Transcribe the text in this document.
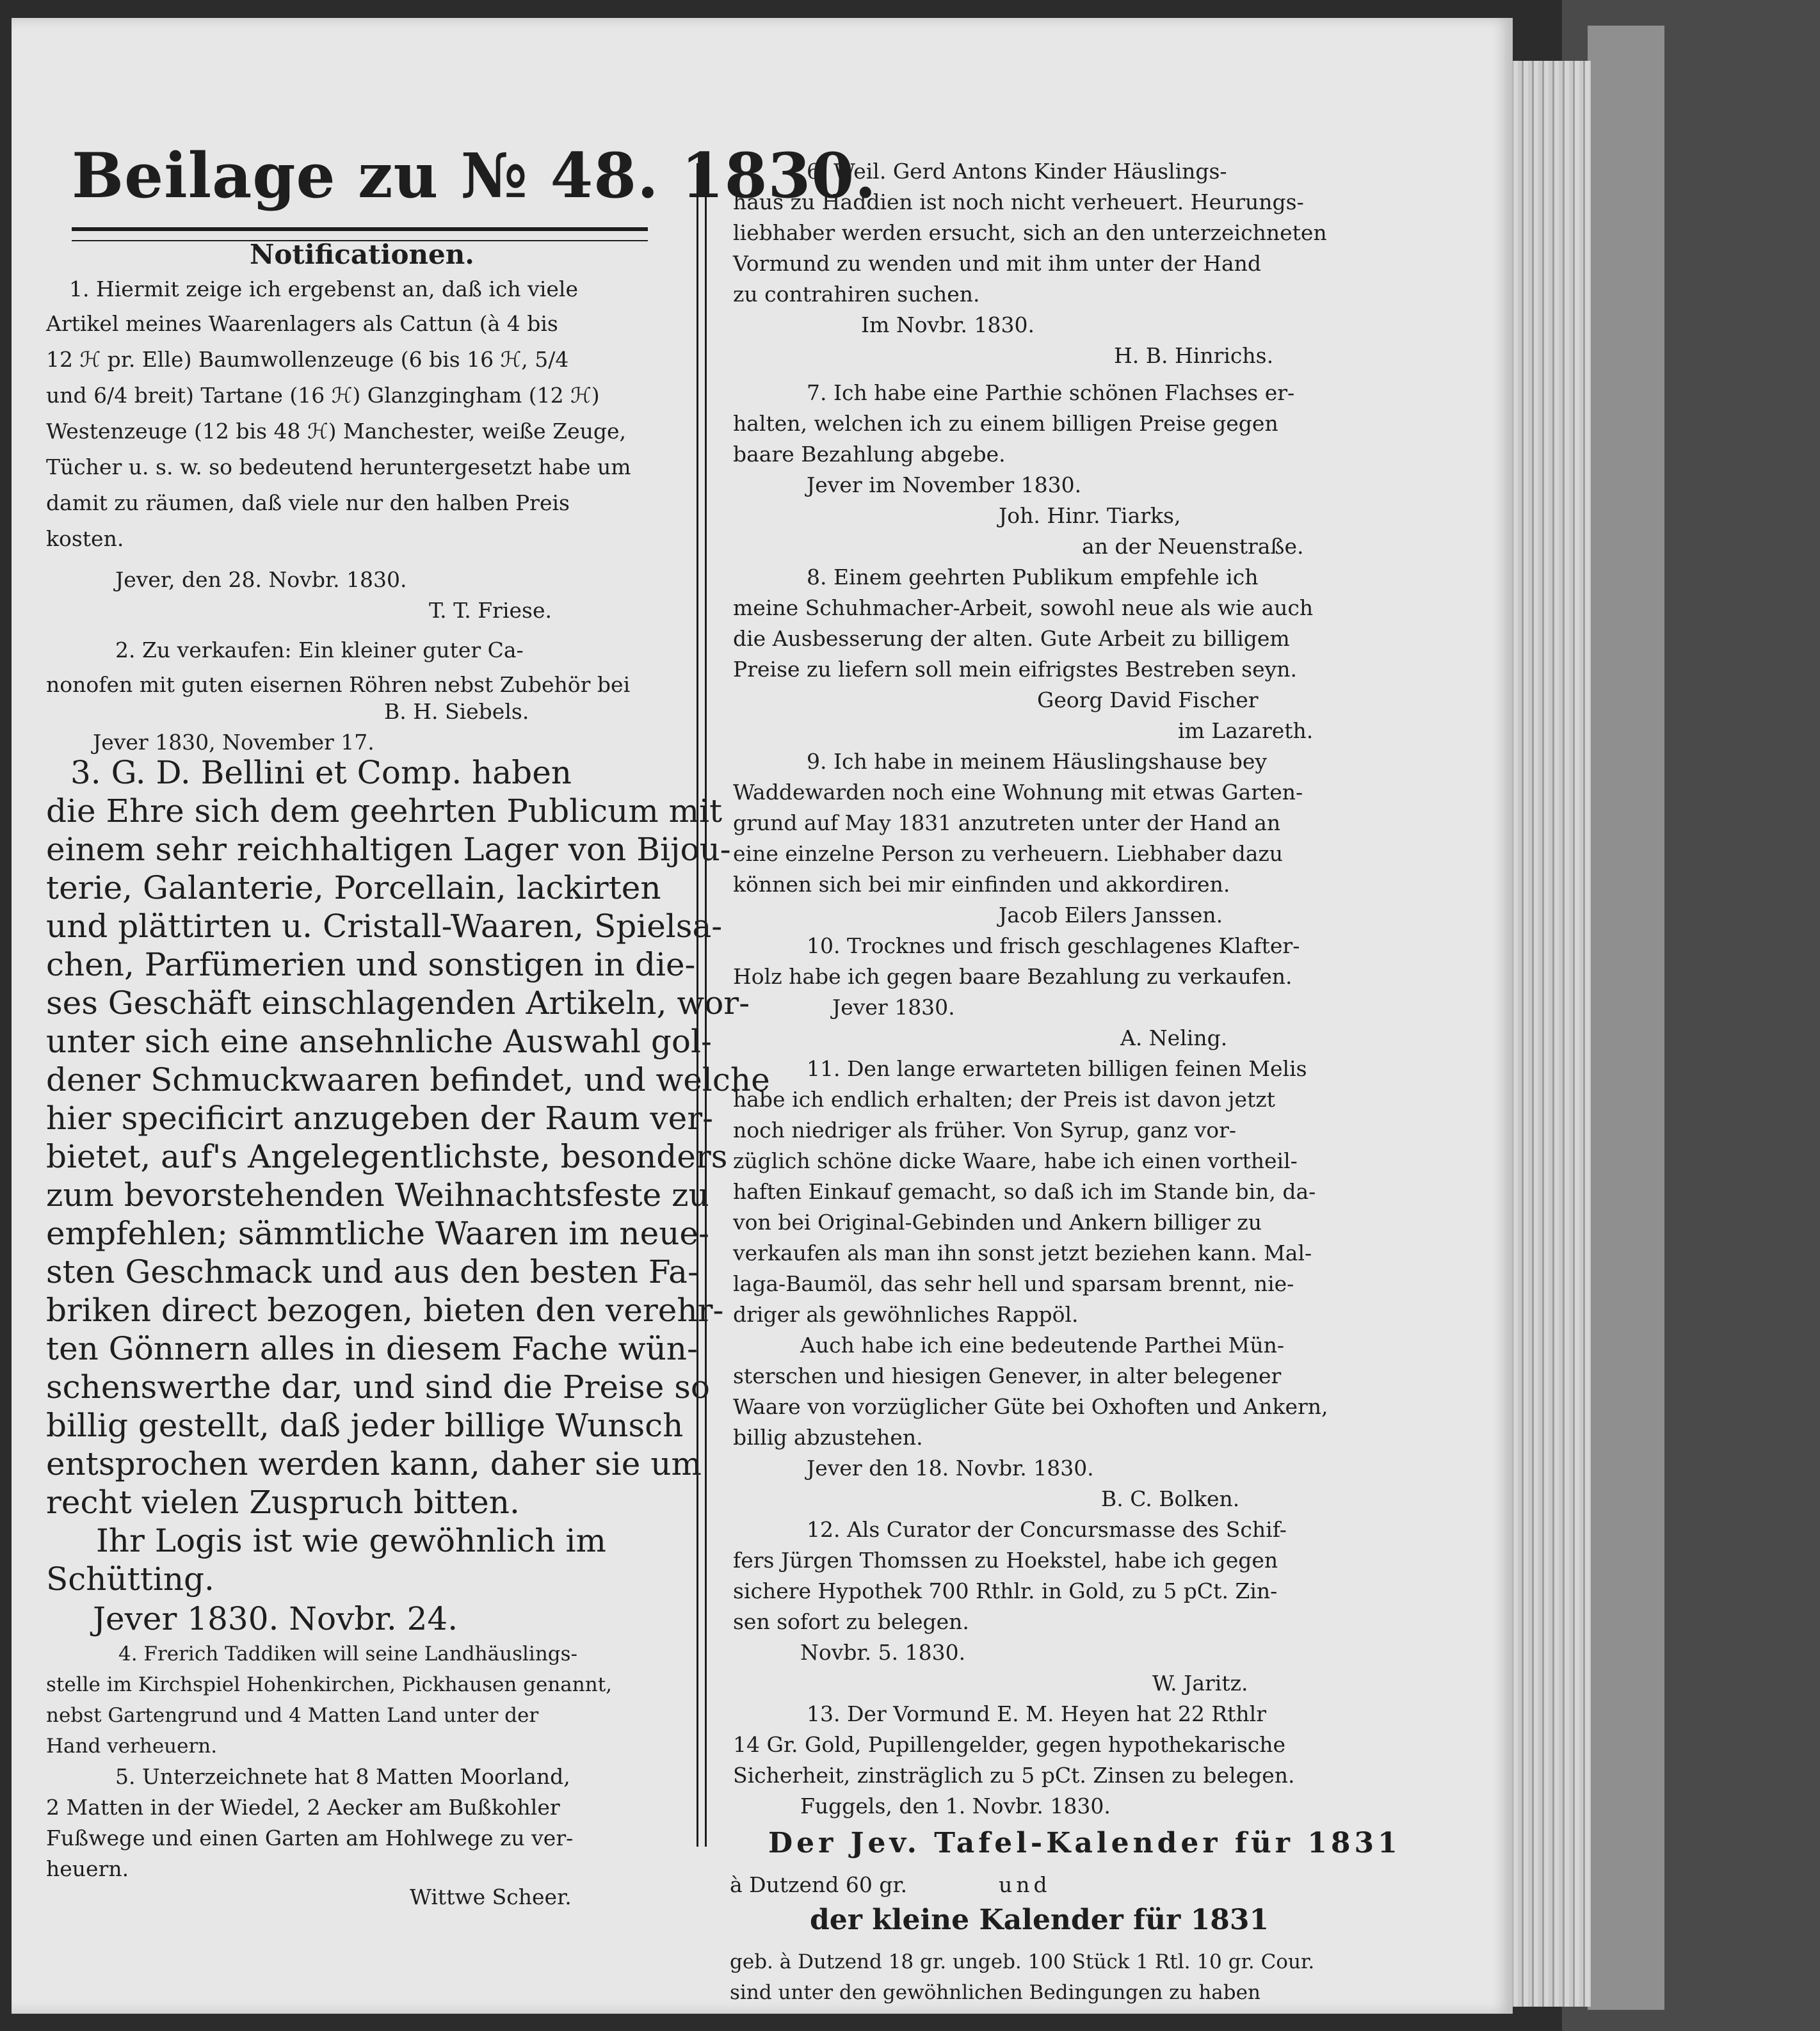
Beilage zu № 48. 1830.
Notificationen.
1. Hiermit zeige ich ergebenst an, daß ich viele
Artikel meines Waarenlagers als Cattun (à 4 bis
12 ℋ pr. Elle) Baumwollenzeuge (6 bis 16 ℋ, 5/4
und 6/4 breit) Tartane (16 ℋ) Glanzgingham (12 ℋ)
Westenzeuge (12 bis 48 ℋ) Manchester, weiße Zeuge,
Tücher u. s. w. so bedeutend heruntergesetzt habe um
damit zu räumen, daß viele nur den halben Preis
kosten.
Jever, den 28. Novbr. 1830.
T. T. Friese.
2. Zu verkaufen: Ein kleiner guter Ca-
nonofen mit guten eisernen Röhren nebst Zubehör bei
B. H. Siebels.
Jever 1830, November 17.
3. G. D. Bellini et Comp. haben
die Ehre sich dem geehrten Publicum mit
einem sehr reichhaltigen Lager von Bijou-
terie, Galanterie, Porcellain, lackirten
und plättirten u. Cristall-Waaren, Spielsa-
chen, Parfümerien und sonstigen in die-
ses Geschäft einschlagenden Artikeln, wor-
unter sich eine ansehnliche Auswahl gol-
dener Schmuckwaaren befindet, und welche
hier specificirt anzugeben der Raum ver-
bietet, auf's Angelegentlichste, besonders
zum bevorstehenden Weihnachtsfeste zu
empfehlen; sämmtliche Waaren im neue-
sten Geschmack und aus den besten Fa-
briken direct bezogen, bieten den verehr-
ten Gönnern alles in diesem Fache wün-
schenswerthe dar, und sind die Preise so
billig gestellt, daß jeder billige Wunsch
entsprochen werden kann, daher sie um
recht vielen Zuspruch bitten.
Ihr Logis ist wie gewöhnlich im
Schütting.
Jever 1830. Novbr. 24.
4. Frerich Taddiken will seine Landhäuslings-
stelle im Kirchspiel Hohenkirchen, Pickhausen genannt,
nebst Gartengrund und 4 Matten Land unter der
Hand verheuern.
5. Unterzeichnete hat 8 Matten Moorland,
2 Matten in der Wiedel, 2 Aecker am Bußkohler
Fußwege und einen Garten am Hohlwege zu ver-
heuern.
Wittwe Scheer.
6. Weil. Gerd Antons Kinder Häuslings-
haus zu Haddien ist noch nicht verheuert. Heurungs-
liebhaber werden ersucht, sich an den unterzeichneten
Vormund zu wenden und mit ihm unter der Hand
zu contrahiren suchen.
Im Novbr. 1830.
H. B. Hinrichs.
7. Ich habe eine Parthie schönen Flachses er-
halten, welchen ich zu einem billigen Preise gegen
baare Bezahlung abgebe.
Jever im November 1830.
Joh. Hinr. Tiarks,
an der Neuenstraße.
8. Einem geehrten Publikum empfehle ich
meine Schuhmacher-Arbeit, sowohl neue als wie auch
die Ausbesserung der alten. Gute Arbeit zu billigem
Preise zu liefern soll mein eifrigstes Bestreben seyn.
Georg David Fischer
im Lazareth.
9. Ich habe in meinem Häuslingshause bey
Waddewarden noch eine Wohnung mit etwas Garten-
grund auf May 1831 anzutreten unter der Hand an
eine einzelne Person zu verheuern. Liebhaber dazu
können sich bei mir einfinden und akkordiren.
Jacob Eilers Janssen.
10. Trocknes und frisch geschlagenes Klafter-
Holz habe ich gegen baare Bezahlung zu verkaufen.
Jever 1830.
A. Neling.
11. Den lange erwarteten billigen feinen Melis
habe ich endlich erhalten; der Preis ist davon jetzt
noch niedriger als früher. Von Syrup, ganz vor-
züglich schöne dicke Waare, habe ich einen vortheil-
haften Einkauf gemacht, so daß ich im Stande bin, da-
von bei Original-Gebinden und Ankern billiger zu
verkaufen als man ihn sonst jetzt beziehen kann. Mal-
laga-Baumöl, das sehr hell und sparsam brennt, nie-
driger als gewöhnliches Rappöl.
Auch habe ich eine bedeutende Parthei Mün-
sterschen und hiesigen Genever, in alter belegener
Waare von vorzüglicher Güte bei Oxhoften und Ankern,
billig abzustehen.
Jever den 18. Novbr. 1830.
B. C. Bolken.
12. Als Curator der Concursmasse des Schif-
fers Jürgen Thomssen zu Hoekstel, habe ich gegen
sichere Hypothek 700 Rthlr. in Gold, zu 5 pCt. Zin-
sen sofort zu belegen.
Novbr. 5. 1830.
W. Jaritz.
13. Der Vormund E. M. Heyen hat 22 Rthlr
14 Gr. Gold, Pupillengelder, gegen hypothekarische
Sicherheit, zinsträglich zu 5 pCt. Zinsen zu belegen.
Fuggels, den 1. Novbr. 1830.
Der Jev. Tafel-Kalender für 1831
à Dutzend 60 gr.	und
der kleine Kalender für 1831
geb. à Dutzend 18 gr. ungeb. 100 Stück 1 Rtl. 10 gr. Cour.
sind unter den gewöhnlichen Bedingungen zu haben
